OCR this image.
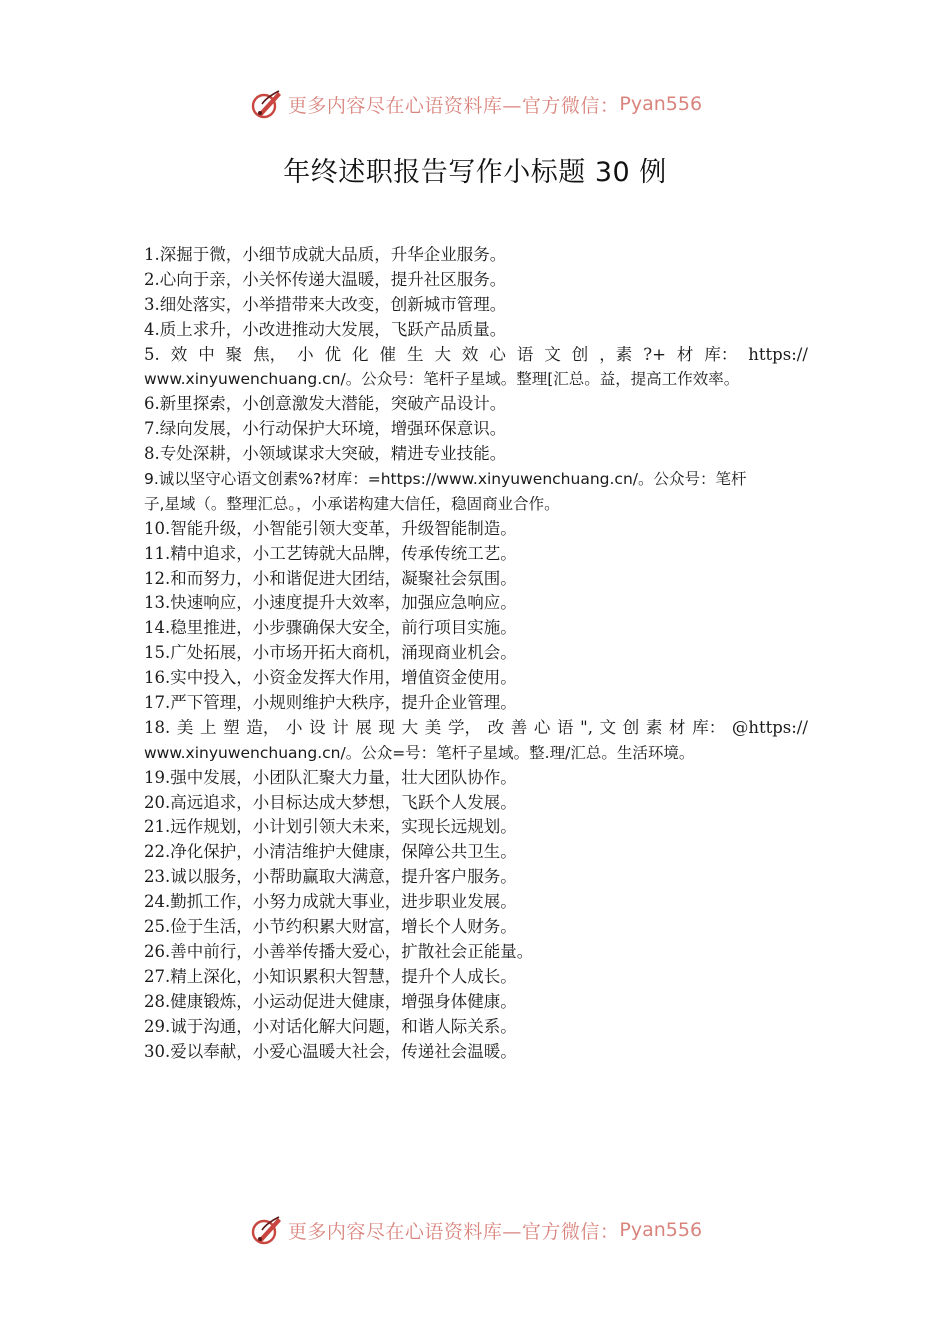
更多内容尽在心语资料库—官方微信： Pyan556
年终述职报告写作小标题 30 例
1.深掘于微，小细节成就大品质，升华企业服务。
2.心向于亲，小关怀传递大温暖，提升社区服务。
3.细处落实，小举措带来大改变，创新城市管理。
4.质上求升，小改进推动大发展，飞跃产品质量。
5. 效 中 聚 焦， 小 优 化 催 生 大 效 心 语 文 创 ，素 ?+ 材 库： https://
www.xinyuwenchuang.cn/。公众号：笔杆子星域。整理[汇总。益，提高工作效率。
6.新里探索，小创意激发大潜能，突破产品设计。
7.绿向发展，小行动保护大环境，增强环保意识。
8.专处深耕，小领域谋求大突破，精进专业技能。
9.诚以坚守心语文创素%?材库：=https://www.xinyuwenchuang.cn/。公众号：笔杆
子,星域（。整理汇总。，小承诺构建大信任，稳固商业合作。
10.智能升级，小智能引领大变革，升级智能制造。
11.精中追求，小工艺铸就大品牌，传承传统工艺。
12.和而努力，小和谐促进大团结，凝聚社会氛围。
13.快速响应，小速度提升大效率，加强应急响应。
14.稳里推进，小步骤确保大安全，前行项目实施。
15.广处拓展，小市场开拓大商机，涌现商业机会。
16.实中投入，小资金发挥大作用，增值资金使用。
17.严下管理，小规则维护大秩序，提升企业管理。
18. 美 上 塑 造， 小 设 计 展 现 大 美 学， 改 善 心 语 ", 文 创 素 材 库： @https://
www.xinyuwenchuang.cn/。公众=号：笔杆子星域。整.理/汇总。生活环境。
19.强中发展，小团队汇聚大力量，壮大团队协作。
20.高远追求，小目标达成大梦想，飞跃个人发展。
21.远作规划，小计划引领大未来，实现长远规划。
22.净化保护，小清洁维护大健康，保障公共卫生。
23.诚以服务，小帮助赢取大满意，提升客户服务。
24.勤抓工作，小努力成就大事业，进步职业发展。
25.俭于生活，小节约积累大财富，增长个人财务。
26.善中前行，小善举传播大爱心，扩散社会正能量。
27.精上深化，小知识累积大智慧，提升个人成长。
28.健康锻炼，小运动促进大健康，增强身体健康。
29.诚于沟通，小对话化解大问题，和谐人际关系。
30.爱以奉献，小爱心温暖大社会，传递社会温暖。
更多内容尽在心语资料库—官方微信： Pyan556
